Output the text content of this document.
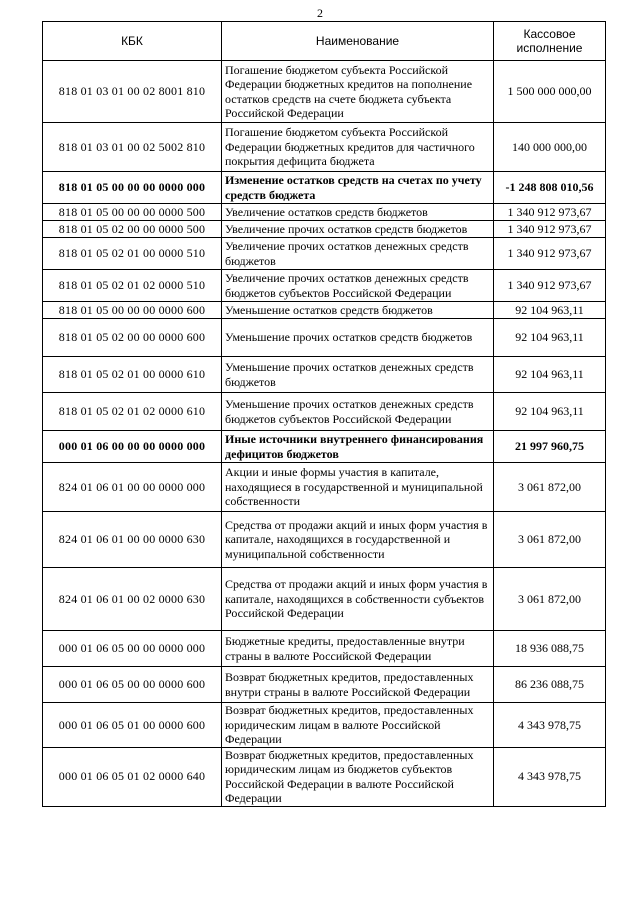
2
КБК	Наименование	Кассовое исполнение
818 01 03 01 00 02 8001 810	Погашение бюджетом субъекта Российской Федерации бюджетных кредитов на пополнение остатков средств на счете бюджета субъекта Российской Федерации	1 500 000 000,00
818 01 03 01 00 02 5002 810	Погашение бюджетом субъекта Российской Федерации бюджетных кредитов для частичного покрытия дефицита бюджета	140 000 000,00
818 01 05 00 00 00 0000 000	Изменение остатков средств на счетах по учету средств бюджета	-1 248 808 010,56
818 01 05 00 00 00 0000 500	Увеличение остатков средств бюджетов	1 340 912 973,67
818 01 05 02 00 00 0000 500	Увеличение прочих остатков средств бюджетов	1 340 912 973,67
818 01 05 02 01 00 0000 510	Увеличение прочих остатков денежных средств бюджетов	1 340 912 973,67
818 01 05 02 01 02 0000 510	Увеличение прочих остатков денежных средств бюджетов субъектов Российской Федерации	1 340 912 973,67
818 01 05 00 00 00 0000 600	Уменьшение остатков средств бюджетов	92 104 963,11
818 01 05 02 00 00 0000 600	Уменьшение прочих остатков средств бюджетов	92 104 963,11
818 01 05 02 01 00 0000 610	Уменьшение прочих остатков денежных средств бюджетов	92 104 963,11
818 01 05 02 01 02 0000 610	Уменьшение прочих остатков денежных средств бюджетов субъектов Российской Федерации	92 104 963,11
000 01 06 00 00 00 0000 000	Иные источники внутреннего финансирования дефицитов бюджетов	21 997 960,75
824 01 06 01 00 00 0000 000	Акции и иные формы участия в капитале, находящиеся в государственной и муниципальной собственности	3 061 872,00
824 01 06 01 00 00 0000 630	Средства от продажи акций и иных форм участия в капитале, находящихся в государственной и муниципальной собственности	3 061 872,00
824 01 06 01 00 02 0000 630	Средства от продажи акций и иных форм участия в капитале, находящихся в собственности субъектов Российской Федерации	3 061 872,00
000 01 06 05 00 00 0000 000	Бюджетные кредиты, предоставленные внутри страны в валюте Российской Федерации	18 936 088,75
000 01 06 05 00 00 0000 600	Возврат бюджетных кредитов, предоставленных внутри страны в валюте Российской Федерации	86 236 088,75
000 01 06 05 01 00 0000 600	Возврат бюджетных кредитов, предоставленных юридическим лицам в валюте Российской Федерации	4 343 978,75
000 01 06 05 01 02 0000 640	Возврат бюджетных кредитов, предоставленных юридическим лицам из бюджетов субъектов Российской Федерации в валюте Российской Федерации	4 343 978,75
